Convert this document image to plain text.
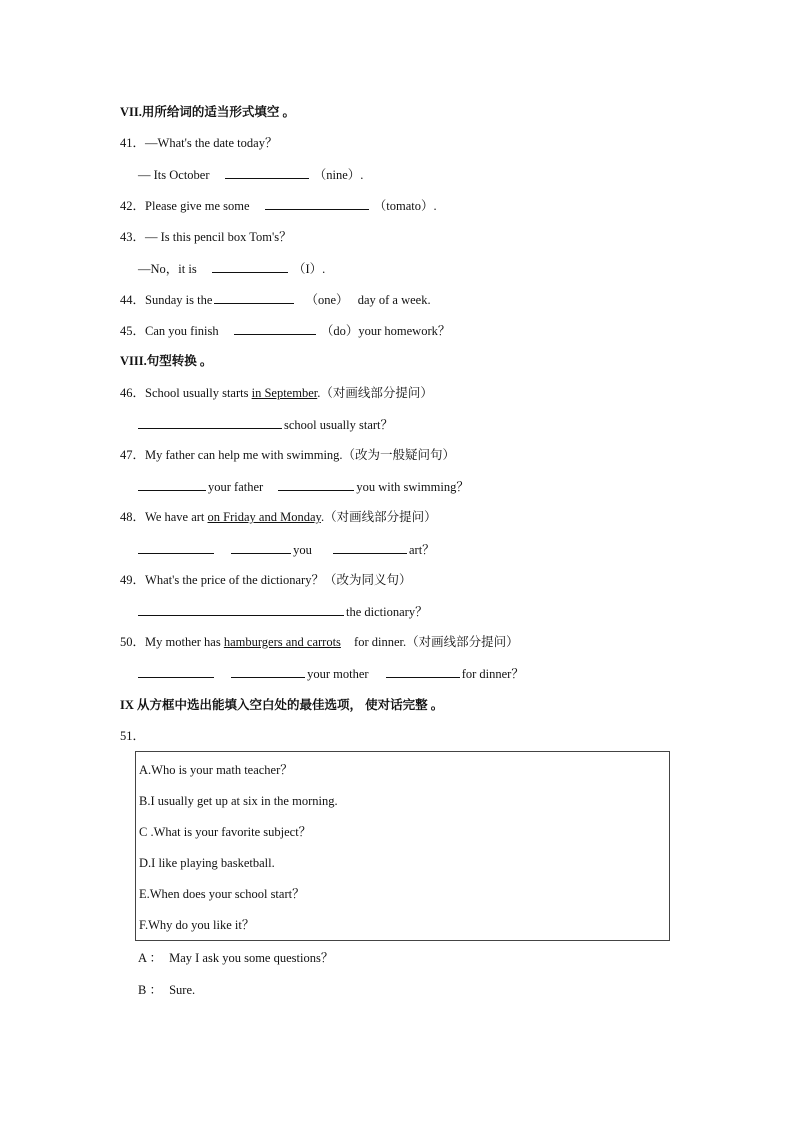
VII.用所给词的适当形式填空 。
41．—What's the date today？
— Its October	（nine）.
42．Please give me some	（tomato）.
43．— Is this pencil box Tom's？
—No，it is	（I）.
44．Sunday is the	（one） day of a week.
45．Can you finish	（do）your homework？
VIII.句型转换 。
46．School usually starts in September.（对画线部分提问）
school usually start？
47．My father can help me with swimming.（改为一般疑问句）
your father	you with swimming？
48．We have art on Friday and Monday.（对画线部分提问）
you	art？
49．What's the price of the dictionary？（改为同义句）
the dictionary？
50．My mother has hamburgers and carrots for dinner.（对画线部分提问）
your mother	for dinner？
IX 从方框中选出能填入空白处的最佳选项， 使对话完整 。
51．
A.Who is your math teacher？
B.I usually get up at six in the morning.
C .What is your favorite subject？
D.I like playing basketball.
E.When does your school start？
F.Why do you like it？
A ： May I ask you some questions？
B ： Sure.
